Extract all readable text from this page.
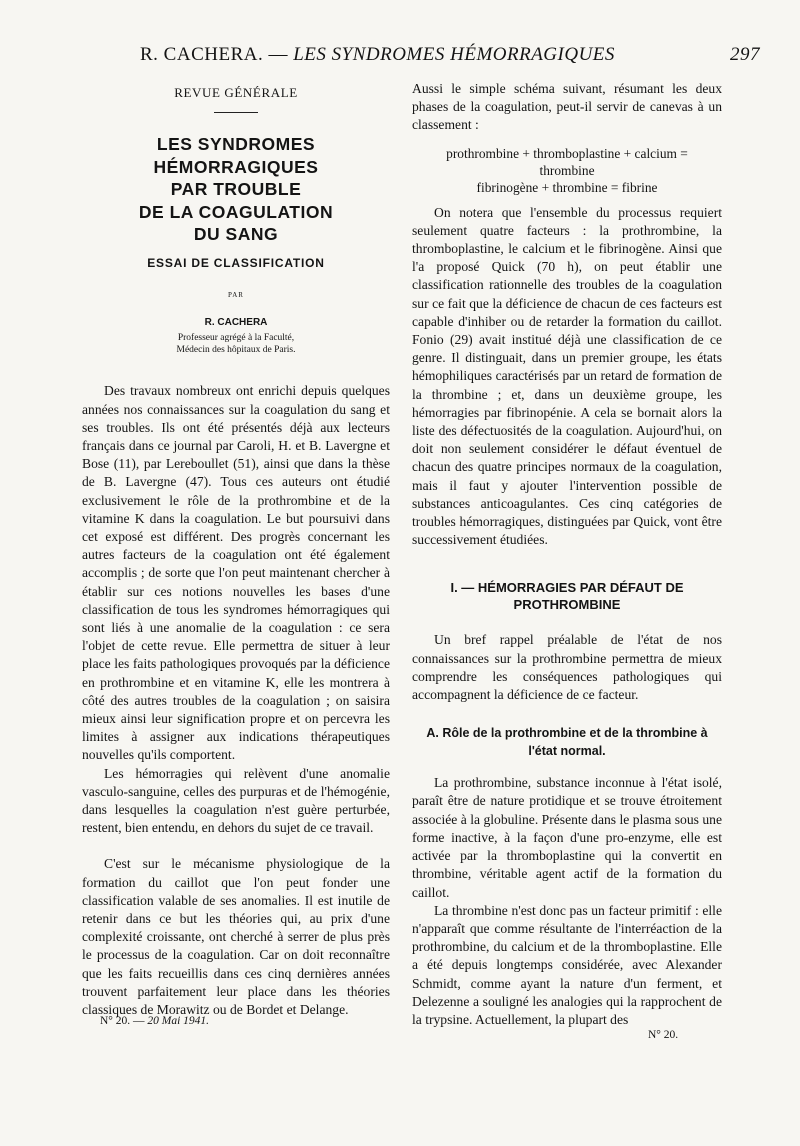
R. CACHERA. — LES SYNDROMES HÉMORRAGIQUES	297
REVUE GÉNÉRALE
LES SYNDROMES
HÉMORRAGIQUES
PAR TROUBLE
DE LA COAGULATION
DU SANG
ESSAI DE CLASSIFICATION
PAR
R. CACHERA
Professeur agrégé à la Faculté,
Médecin des hôpitaux de Paris.

Des travaux nombreux ont enrichi depuis quelques années nos connaissances sur la coagulation du sang et ses troubles. Ils ont été présentés déjà aux lecteurs français dans ce journal par Caroli, H. et B. Lavergne et Bose (11), par Lereboullet (51), ainsi que dans la thèse de B. Lavergne (47). Tous ces auteurs ont étudié exclusivement le rôle de la prothrombine et de la vitamine K dans la coagulation. Le but poursuivi dans cet exposé est différent. Des progrès concernant les autres facteurs de la coagulation ont été également accomplis ; de sorte que l'on peut maintenant chercher à établir sur ces notions nouvelles les bases d'une classification de tous les syndromes hémorragiques qui sont liés à une anomalie de la coagulation : ce sera l'objet de cette revue. Elle permettra de situer à leur place les faits pathologiques provoqués par la déficience en prothrombine et en vitamine K, elle les montrera à côté des autres troubles de la coagulation ; on saisira mieux ainsi leur signification propre et on percevra les limites à assigner aux indications thérapeutiques nouvelles qu'ils comportent.

Les hémorragies qui relèvent d'une anomalie vasculo-sanguine, celles des purpuras et de l'hémogénie, dans lesquelles la coagulation n'est guère perturbée, restent, bien entendu, en dehors du sujet de ce travail.

C'est sur le mécanisme physiologique de la formation du caillot que l'on peut fonder une classification valable de ses anomalies. Il est inutile de retenir dans ce but les théories qui, au prix d'une complexité croissante, ont cherché à serrer de plus près le processus de la coagulation. Car on doit reconnaître que les faits recueillis dans ces cinq dernières années trouvent parfaitement leur place dans les théories classiques de Morawitz ou de Bordet et Delange.

Aussi le simple schéma suivant, résumant les deux phases de la coagulation, peut-il servir de canevas à un classement :

prothrombine + thromboplastine + calcium =
thrombine
fibrinogène + thrombine = fibrine

On notera que l'ensemble du processus requiert seulement quatre facteurs : la prothrombine, la thromboplastine, le calcium et le fibrinogène. Ainsi que l'a proposé Quick (70 h), on peut établir une classification rationnelle des troubles de la coagulation sur ce fait que la déficience de chacun de ces facteurs est capable d'inhiber ou de retarder la formation du caillot. Fonio (29) avait institué déjà une classification de ce genre. Il distinguait, dans un premier groupe, les états hémophiliques caractérisés par un retard de formation de la thrombine ; et, dans un deuxième groupe, les hémorragies par fibrinopénie. A cela se bornait alors la liste des défectuosités de la coagulation. Aujourd'hui, on doit non seulement considérer le défaut éventuel de chacun des quatre principes normaux de la coagulation, mais il faut y ajouter l'intervention possible de substances anticoagulantes. Ces cinq catégories de troubles hémorragiques, distinguées par Quick, vont être successivement étudiées.

I. — HÉMORRAGIES PAR DÉFAUT DE PROTHROMBINE

Un bref rappel préalable de l'état de nos connaissances sur la prothrombine permettra de mieux comprendre les conséquences pathologiques qui accompagnent la déficience de ce facteur.

A. Rôle de la prothrombine et de la thrombine à l'état normal.

La prothrombine, substance inconnue à l'état isolé, paraît être de nature protidique et se trouve étroitement associée à la globuline. Présente dans le plasma sous une forme inactive, à la façon d'une pro-enzyme, elle est activée par la thromboplastine qui la convertit en thrombine, véritable agent actif de la formation du caillot.

La thrombine n'est donc pas un facteur primitif : elle n'apparaît que comme résultante de l'interréaction de la prothrombine, du calcium et de la thromboplastine. Elle a été depuis longtemps considérée, avec Alexander Schmidt, comme ayant la nature d'un ferment, et Delezenne a souligné les analogies qui la rapprochent de la trypsine. Actuellement, la plupart des

N° 20. — 20 Mai 1941.
N° 20.
